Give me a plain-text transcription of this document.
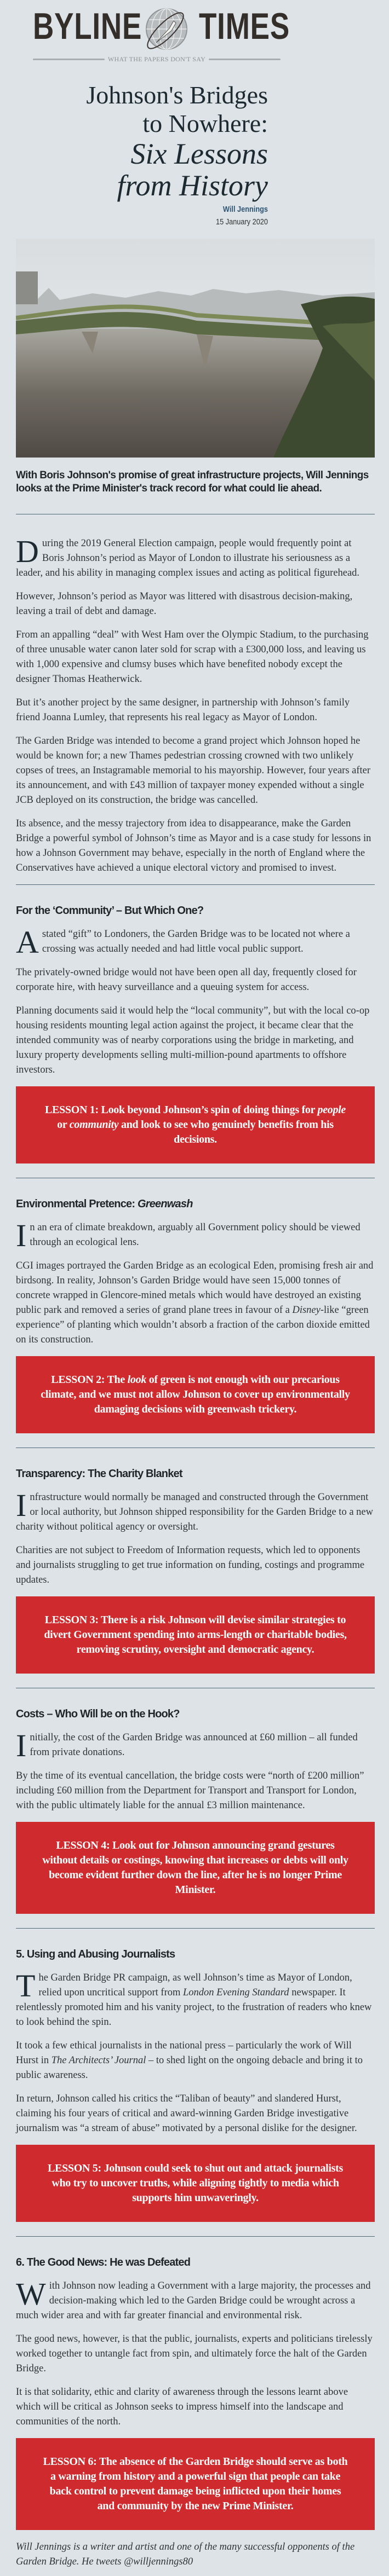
BYLINE TIMES
WHAT THE PAPERS DON'T SAY
Johnson's Bridges
to Nowhere:
Six Lessons
from History
Will Jennings
15 January 2020
With Boris Johnson's promise of great infrastructure projects, Will Jennings looks at the Prime Minister's track record for what could lie ahead.

During the 2019 General Election campaign, people would frequently point at Boris Johnson’s period as Mayor of London to illustrate his seriousness as a leader, and his ability in managing complex issues and acting as political figurehead.

However, Johnson’s period as Mayor was littered with disastrous decision-making, leaving a trail of debt and damage.

From an appalling “deal” with West Ham over the Olympic Stadium, to the purchasing of three unusable water canon later sold for scrap with a £300,000 loss, and leaving us with 1,000 expensive and clumsy buses which have benefited nobody except the designer Thomas Heatherwick.

But it’s another project by the same designer, in partnership with Johnson’s family friend Joanna Lumley, that represents his real legacy as Mayor of London.

The Garden Bridge was intended to become a grand project which Johnson hoped he would be known for; a new Thames pedestrian crossing crowned with two unlikely copses of trees, an Instagramable memorial to his mayorship. However, four years after its announcement, and with £43 million of taxpayer money expended without a single JCB deployed on its construction, the bridge was cancelled.

Its absence, and the messy trajectory from idea to disappearance, make the Garden Bridge a powerful symbol of Johnson’s time as Mayor and is a case study for lessons in how a Johnson Government may behave, especially in the north of England where the Conservatives have achieved a unique electoral victory and promised to invest.

For the ‘Community’ – But Which One?

A stated “gift” to Londoners, the Garden Bridge was to be located not where a crossing was actually needed and had little vocal public support.

The privately-owned bridge would not have been open all day, frequently closed for corporate hire, with heavy surveillance and a queuing system for access.

Planning documents said it would help the “local community”, but with the local co-op housing residents mounting legal action against the project, it became clear that the intended community was of nearby corporations using the bridge in marketing, and luxury property developments selling multi-million-pound apartments to offshore investors.

LESSON 1: Look beyond Johnson’s spin of doing things for people or community and look to see who genuinely benefits from his decisions.
Environmental Pretence: Greenwash

In an era of climate breakdown, arguably all Government policy should be viewed through an ecological lens.

CGI images portrayed the Garden Bridge as an ecological Eden, promising fresh air and birdsong. In reality, Johnson’s Garden Bridge would have seen 15,000 tonnes of concrete wrapped in Glencore-mined metals which would have destroyed an existing public park and removed a series of grand plane trees in favour of a Disney-like “green experience” of planting which wouldn’t absorb a fraction of the carbon dioxide emitted on its construction.

LESSON 2: The look of green is not enough with our precarious climate, and we must not allow Johnson to cover up environmentally damaging decisions with greenwash trickery.
Transparency: The Charity Blanket

Infrastructure would normally be managed and constructed through the Government or local authority, but Johnson shipped responsibility for the Garden Bridge to a new charity without political agency or oversight.

Charities are not subject to Freedom of Information requests, which led to opponents and journalists struggling to get true information on funding, costings and programme updates.

LESSON 3: There is a risk Johnson will devise similar strategies to divert Government spending into arms-length or charitable bodies, removing scrutiny, oversight and democratic agency.
Costs – Who Will be on the Hook?

Initially, the cost of the Garden Bridge was announced at £60 million – all funded from private donations.

By the time of its eventual cancellation, the bridge costs were “north of £200 million” including £60 million from the Department for Transport and Transport for London, with the public ultimately liable for the annual £3 million maintenance.

LESSON 4: Look out for Johnson announcing grand gestures without details or costings, knowing that increases or debts will only become evident further down the line, after he is no longer Prime Minister.
5. Using and Abusing Journalists

The Garden Bridge PR campaign, as well Johnson’s time as Mayor of London, relied upon uncritical support from London Evening Standard newspaper. It relentlessly promoted him and his vanity project, to the frustration of readers who knew to look behind the spin.

It took a few ethical journalists in the national press – particularly the work of Will Hurst in The Architects’ Journal – to shed light on the ongoing debacle and bring it to public awareness.

In return, Johnson called his critics the “Taliban of beauty” and slandered Hurst, claiming his four years of critical and award-winning Garden Bridge investigative journalism was “a stream of abuse” motivated by a personal dislike for the designer.

LESSON 5: Johnson could seek to shut out and attack journalists who try to uncover truths, while aligning tightly to media which supports him unwaveringly.
6. The Good News: He was Defeated

With Johnson now leading a Government with a large majority, the processes and decision-making which led to the Garden Bridge could be wrought across a much wider area and with far greater financial and environmental risk.

The good news, however, is that the public, journalists, experts and politicians tirelessly worked together to untangle fact from spin, and ultimately force the halt of the Garden Bridge.

It is that solidarity, ethic and clarity of awareness through the lessons learnt above which will be critical as Johnson seeks to impress himself into the landscape and communities of the north.

LESSON 6: The absence of the Garden Bridge should serve as both a warning from history and a powerful sign that people can take back control to prevent damage being inflicted upon their homes and community by the new Prime Minister.

Will Jennings is a writer and artist and one of the many successful opponents of the Garden Bridge. He tweets @willjennings80
